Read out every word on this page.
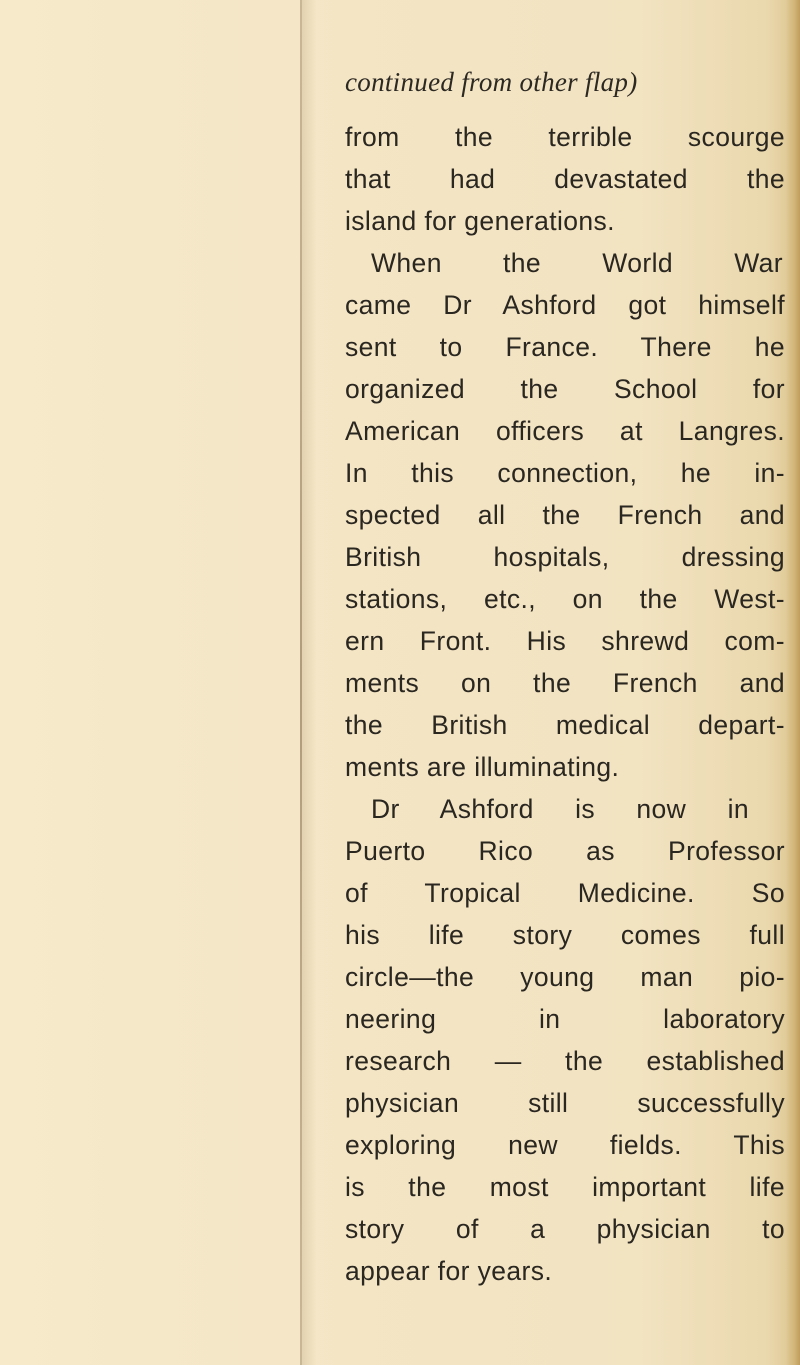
continued from other flap)
from the terrible scourge
that had devastated the
island for generations.
When the World War
came Dr Ashford got himself
sent to France. There he
organized the School for
American officers at Langres.
In this connection, he in-
spected all the French and
British hospitals, dressing
stations, etc., on the West-
ern Front. His shrewd com-
ments on the French and
the British medical depart-
ments are illuminating.
Dr Ashford is now in
Puerto Rico as Professor
of Tropical Medicine. So
his life story comes full
circle—the young man pio-
neering in laboratory
research — the established
physician still successfully
exploring new fields. This
is the most important life
story of a physician to
appear for years.
